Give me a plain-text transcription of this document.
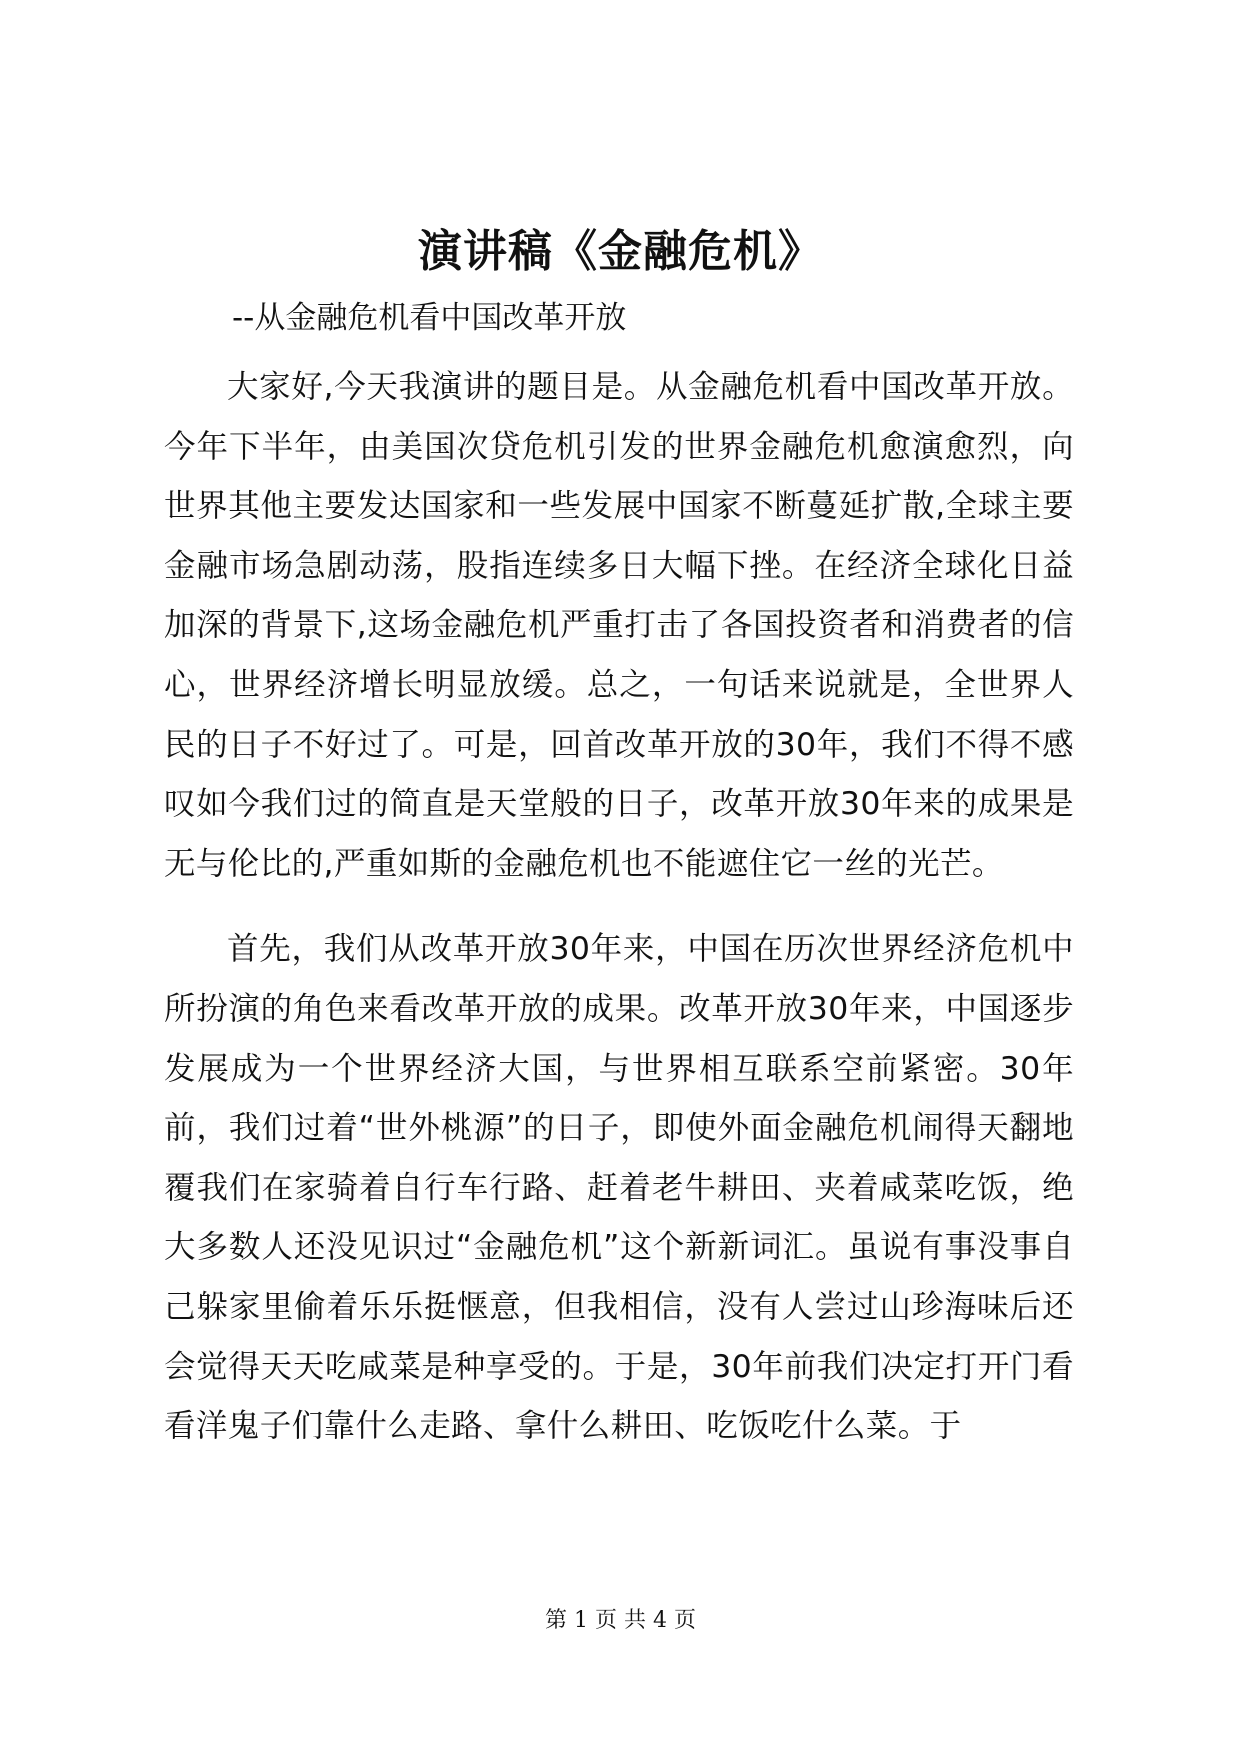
演讲稿《金融危机》
--从金融危机看中国改革开放

大家好,今天我演讲的题目是。从金融危机看中国改革开放。今年下半年，由美国次贷危机引发的世界金融危机愈演愈烈，向世界其他主要发达国家和一些发展中国家不断蔓延扩散,全球主要金融市场急剧动荡，股指连续多日大幅下挫。在经济全球化日益加深的背景下,这场金融危机严重打击了各国投资者和消费者的信心，世界经济增长明显放缓。总之，一句话来说就是，全世界人民的日子不好过了。可是，回首改革开放的30年，我们不得不感叹如今我们过的简直是天堂般的日子，改革开放30年来的成果是无与伦比的,严重如斯的金融危机也不能遮住它一丝的光芒。

首先，我们从改革开放30年来，中国在历次世界经济危机中所扮演的角色来看改革开放的成果。改革开放30年来，中国逐步发展成为一个世界经济大国，与世界相互联系空前紧密。30年前，我们过着“世外桃源”的日子，即使外面金融危机闹得天翻地覆我们在家骑着自行车行路、赶着老牛耕田、夹着咸菜吃饭，绝大多数人还没见识过“金融危机”这个新新词汇。虽说有事没事自己躲家里偷着乐乐挺惬意，但我相信，没有人尝过山珍海味后还会觉得天天吃咸菜是种享受的。于是，30年前我们决定打开门看看洋鬼子们靠什么走路、拿什么耕田、吃饭吃什么菜。于

第 1 页 共 4 页
